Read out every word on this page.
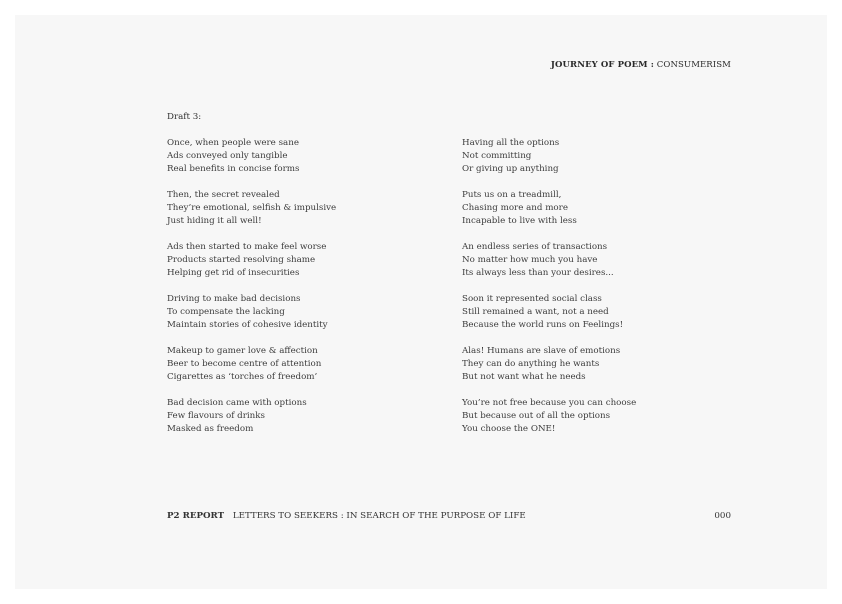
JOURNEY OF POEM : CONSUMERISM
Draft 3:
Once, when people were sane
Ads conveyed only tangible
Real benefits in concise forms
Then, the secret revealed
They’re emotional, selfish & impulsive
Just hiding it all well!
Ads then started to make feel worse
Products started resolving shame
Helping get rid of insecurities
Driving to make bad decisions
To compensate the lacking
Maintain stories of cohesive identity
Makeup to gamer love & affection
Beer to become centre of attention
Cigarettes as ‘torches of freedom’
Bad decision came with options
Few flavours of drinks
Masked as freedom
Having all the options
Not committing
Or giving up anything
Puts us on a treadmill,
Chasing more and more
Incapable to live with less
An endless series of transactions
No matter how much you have
Its always less than your desires...
Soon it represented social class
Still remained a want, not a need
Because the world runs on Feelings!
Alas! Humans are slave of emotions
They can do anything he wants
But not want what he needs
You’re not free because you can choose
But because out of all the options
You choose the ONE!
P2 REPORT LETTERS TO SEEKERS : IN SEARCH OF THE PURPOSE OF LIFE	000
